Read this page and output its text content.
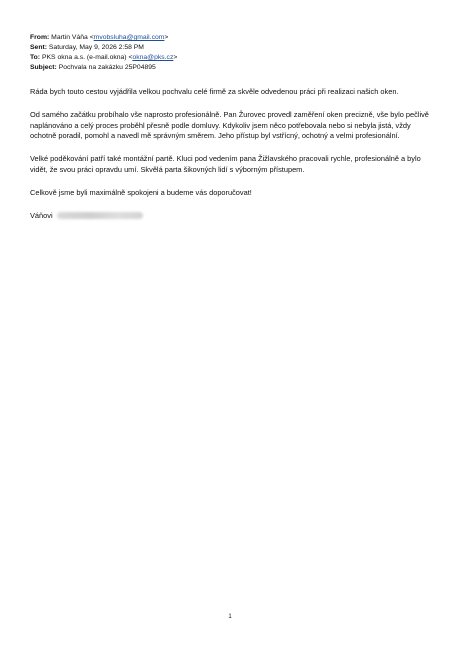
From: Martin Váňa <mvobsluha@gmail.com>
Sent: Saturday, May 9, 2026 2:58 PM
To: PKS okna a.s. (e-mail.okna) <okna@pks.cz>
Subject: Pochvala na zakázku 25P04895

Ráda bych touto cestou vyjádřila velkou pochvalu celé firmě za skvěle odvedenou práci při realizaci našich oken.

Od samého začátku probíhalo vše naprosto profesionálně. Pan Žurovec provedl zaměření oken precizně, vše bylo pečlivě naplánováno a celý proces proběhl přesně podle domluvy. Kdykoliv jsem něco potřebovala nebo si nebyla jistá, vždy ochotně poradil, pomohl a navedl mě správným směrem. Jeho přístup byl vstřícný, ochotný a velmi profesionální.

Velké poděkování patří také montážní partě. Kluci pod vedením pana Žižlavského pracovali rychle, profesionálně a bylo vidět, že svou práci opravdu umí. Skvělá parta šikovných lidí s výborným přístupem.

Celkově jsme byli maximálně spokojeni a budeme vás doporučovat!

Váňovi

1
